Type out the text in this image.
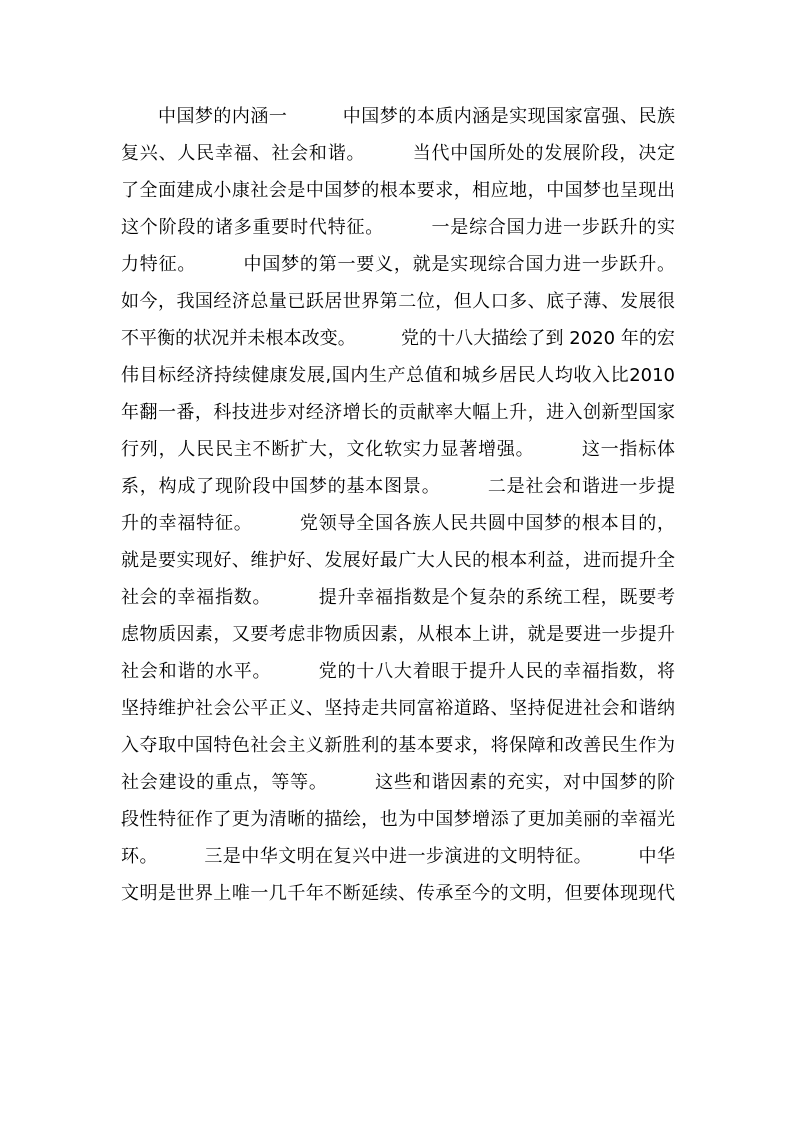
　　中国梦的内涵一　　　中国梦的本质内涵是实现国家富强、民族
复兴、人民幸福、社会和谐。　　　当代中国所处的发展阶段，决定
了全面建成小康社会是中国梦的根本要求，相应地，中国梦也呈现出
这个阶段的诸多重要时代特征。　　　一是综合国力进一步跃升的实
力特征。　　　中国梦的第一要义，就是实现综合国力进一步跃升。
如今，我国经济总量已跃居世界第二位，但人口多、底子薄、发展很
不平衡的状况并未根本改变。　　　党的十八大描绘了到 2020 年的宏
伟目标经济持续健康发展,国内生产总值和城乡居民人均收入比2010
年翻一番，科技进步对经济增长的贡献率大幅上升，进入创新型国家
行列，人民民主不断扩大，文化软实力显著增强。　　　这一指标体
系，构成了现阶段中国梦的基本图景。　　　二是社会和谐进一步提
升的幸福特征。　　　党领导全国各族人民共圆中国梦的根本目的，
就是要实现好、维护好、发展好最广大人民的根本利益，进而提升全
社会的幸福指数。　　　提升幸福指数是个复杂的系统工程，既要考
虑物质因素，又要考虑非物质因素，从根本上讲，就是要进一步提升
社会和谐的水平。　　　党的十八大着眼于提升人民的幸福指数，将
坚持维护社会公平正义、坚持走共同富裕道路、坚持促进社会和谐纳
入夺取中国特色社会主义新胜利的基本要求，将保障和改善民生作为
社会建设的重点，等等。　　　这些和谐因素的充实，对中国梦的阶
段性特征作了更为清晰的描绘，也为中国梦增添了更加美丽的幸福光
环。　　　三是中华文明在复兴中进一步演进的文明特征。　　　中华
文明是世界上唯一几千年不断延续、传承至今的文明，但要体现现代
